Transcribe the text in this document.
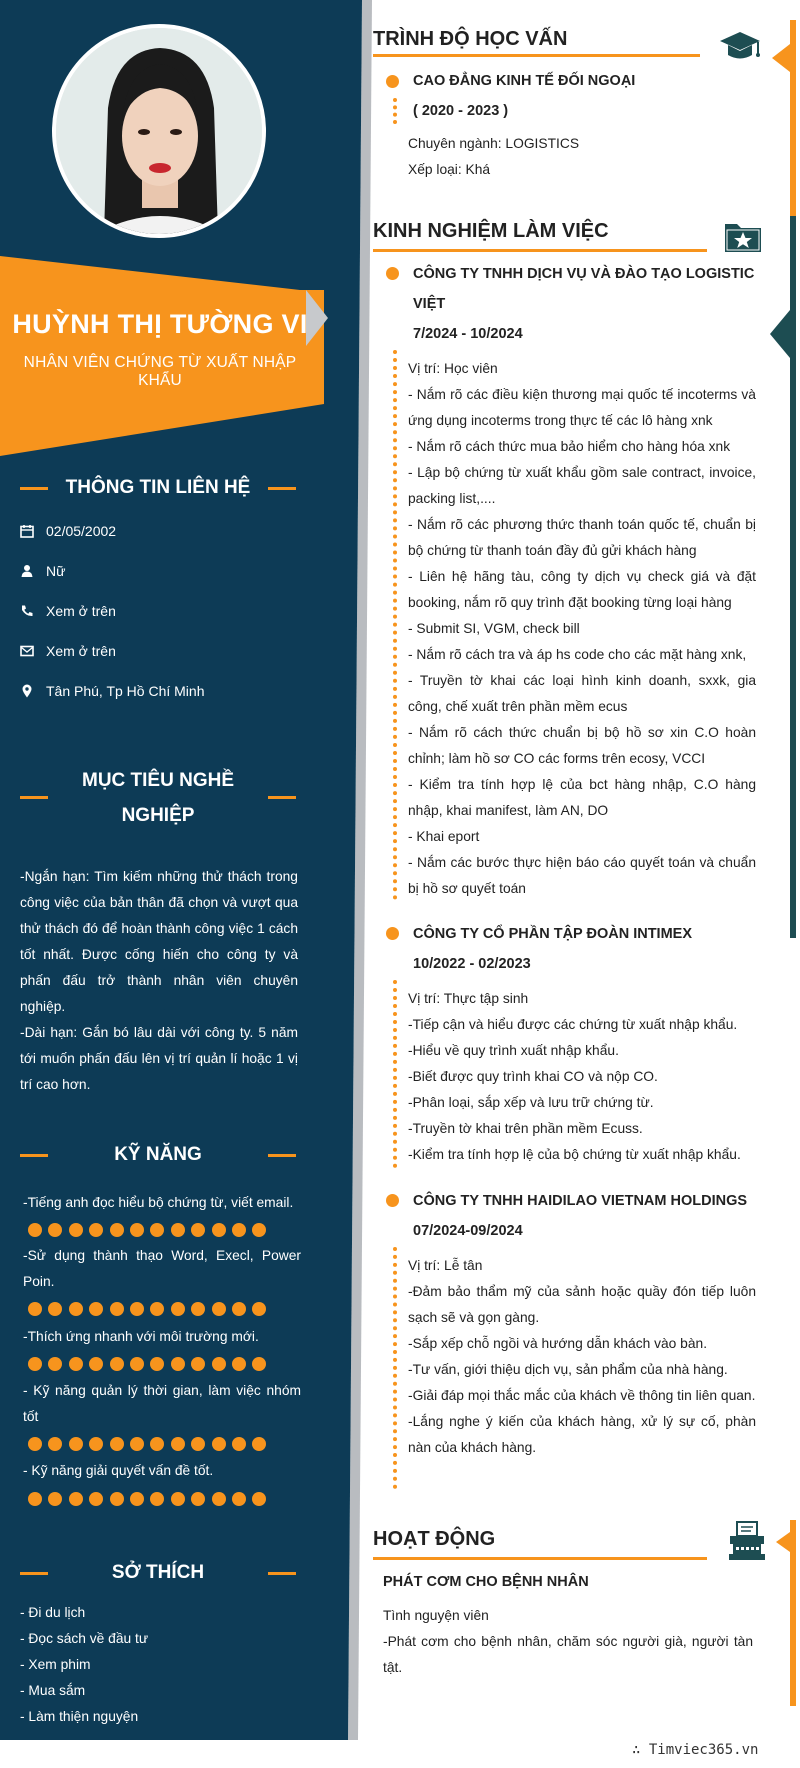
HUỲNH THỊ TƯỜNG VI
NHÂN VIÊN CHỨNG TỪ XUẤT NHẬP KHẨU
THÔNG TIN LIÊN HỆ
02/05/2002
Nữ
Xem ở trên
Xem ở trên
Tân Phú, Tp Hồ Chí Minh
MỤC TIÊU NGHỀ
NGHIỆP
-Ngắn hạn: Tìm kiếm những thử thách trong công việc của bản thân đã chọn và vượt qua thử thách đó để hoàn thành công việc 1 cách tốt nhất. Được cống hiến cho công ty và phấn đấu trở thành nhân viên chuyên nghiệp.
-Dài hạn: Gắn bó lâu dài với công ty. 5 năm tới muốn phấn đấu lên vị trí quản lí hoặc 1 vị trí cao hơn.
KỸ NĂNG
-Tiếng anh đọc hiểu bộ chứng từ, viết email.
-Sử dụng thành thạo Word, Execl, Power Poin.
-Thích ứng nhanh với môi trường mới.
- Kỹ năng quản lý thời gian, làm việc nhóm tốt
- Kỹ năng giải quyết vấn đề tốt.
SỞ THÍCH
- Đi du lịch
- Đọc sách về đầu tư
- Xem phim
- Mua sắm
- Làm thiện nguyện
TRÌNH ĐỘ HỌC VẤN
CAO ĐẲNG KINH TẾ ĐỐI NGOẠI
( 2020 - 2023 )
Chuyên ngành: LOGISTICS
Xếp loại: Khá
KINH NGHIỆM LÀM VIỆC
CÔNG TY TNHH DỊCH VỤ VÀ ĐÀO TẠO LOGISTIC
VIỆT
7/2024 - 10/2024
Vị trí: Học viên
- Nắm rõ các điều kiện thương mại quốc tế incoterms và ứng dụng incoterms trong thực tế các lô hàng xnk
- Nắm rõ cách thức mua bảo hiểm cho hàng hóa xnk
- Lập bộ chứng từ xuất khẩu gồm sale contract, invoice, packing list,....
- Nắm rõ các phương thức thanh toán quốc tế, chuẩn bị bộ chứng từ thanh toán đầy đủ gửi khách hàng
- Liên hệ hãng tàu, công ty dịch vụ check giá và đặt booking, nắm rõ quy trình đặt booking từng loại hàng
- Submit SI, VGM, check bill
- Nắm rõ cách tra và áp hs code cho các mặt hàng xnk,
- Truyền tờ khai các loại hình kinh doanh, sxxk, gia công, chế xuất trên phần mềm ecus
- Nắm rõ cách thức chuẩn bị bộ hồ sơ xin C.O hoàn chỉnh; làm hồ sơ CO các forms trên ecosy, VCCI
- Kiểm tra tính hợp lệ của bct hàng nhập, C.O hàng nhập, khai manifest, làm AN, DO
- Khai eport
- Nắm các bước thực hiện báo cáo quyết toán và chuẩn bị hồ sơ quyết toán
CÔNG TY CỔ PHẦN TẬP ĐOÀN INTIMEX
10/2022 - 02/2023
Vị trí: Thực tập sinh
-Tiếp cận và hiểu được các chứng từ xuất nhập khẩu.
-Hiểu về quy trình xuất nhập khẩu.
-Biết được quy trình khai CO và nộp CO.
-Phân loại, sắp xếp và lưu trữ chứng từ.
-Truyền tờ khai trên phần mềm Ecuss.
-Kiểm tra tính hợp lệ của bộ chứng từ xuất nhập khẩu.
CÔNG TY TNHH HAIDILAO VIETNAM HOLDINGS
07/2024-09/2024
Vị trí: Lễ tân
-Đảm bảo thẩm mỹ của sảnh hoặc quầy đón tiếp luôn sạch sẽ và gọn gàng.
-Sắp xếp chỗ ngồi và hướng dẫn khách vào bàn.
-Tư vấn, giới thiệu dịch vụ, sản phẩm của nhà hàng.
-Giải đáp mọi thắc mắc của khách về thông tin liên quan.
-Lắng nghe ý kiến của khách hàng, xử lý sự cố, phàn nàn của khách hàng.
HOẠT ĐỘNG
PHÁT CƠM CHO BỆNH NHÂN
Tình nguyện viên
-Phát cơm cho bệnh nhân, chăm sóc người già, người tàn tật.
∴ Timviec365.vn
